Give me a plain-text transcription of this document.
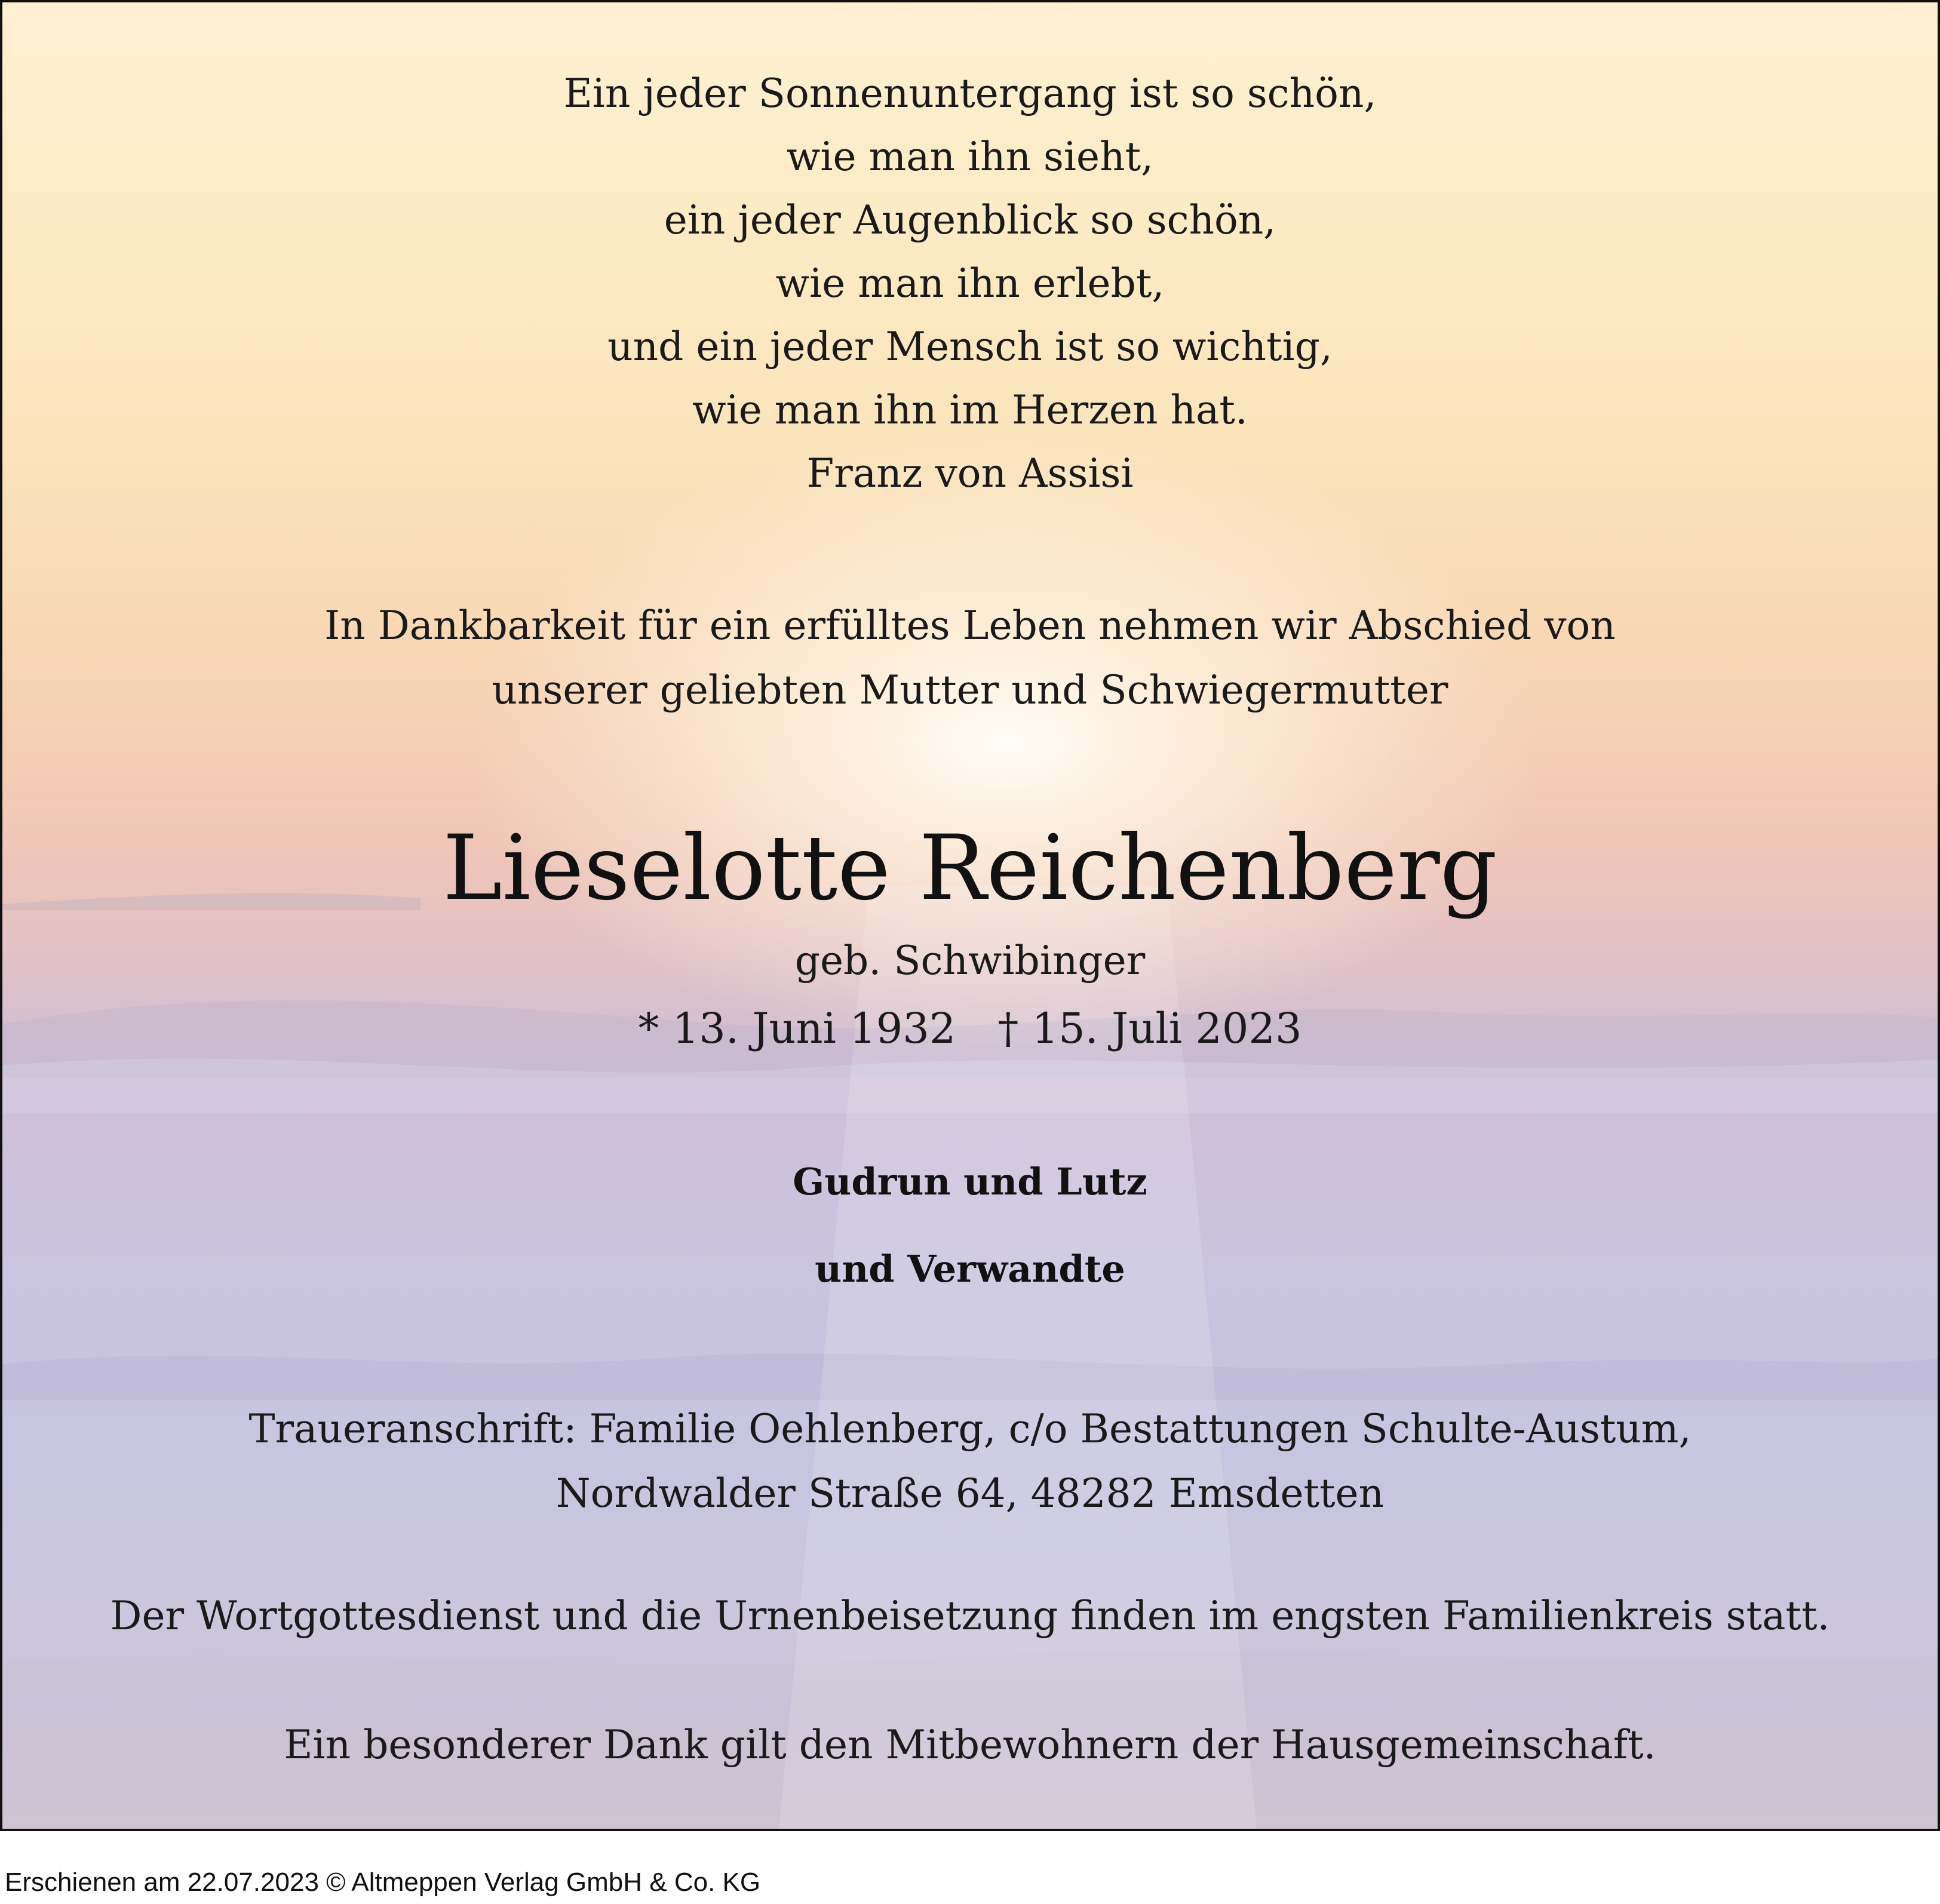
Ein jeder Sonnenuntergang ist so schön,
wie man ihn sieht,
ein jeder Augenblick so schön,
wie man ihn erlebt,
und ein jeder Mensch ist so wichtig,
wie man ihn im Herzen hat.
Franz von Assisi
In Dankbarkeit für ein erfülltes Leben nehmen wir Abschied von
unserer geliebten Mutter und Schwiegermutter
Lieselotte Reichenberg
geb. Schwibinger
* 13. Juni 1932 † 15. Juli 2023
Gudrun und Lutz
und Verwandte
Traueranschrift: Familie Oehlenberg, c/o Bestattungen Schulte-Austum,
Nordwalder Straße 64, 48282 Emsdetten
Der Wortgottesdienst und die Urnenbeisetzung finden im engsten Familienkreis statt.
Ein besonderer Dank gilt den Mitbewohnern der Hausgemeinschaft.
Erschienen am 22.07.2023 © Altmeppen Verlag GmbH & Co. KG
